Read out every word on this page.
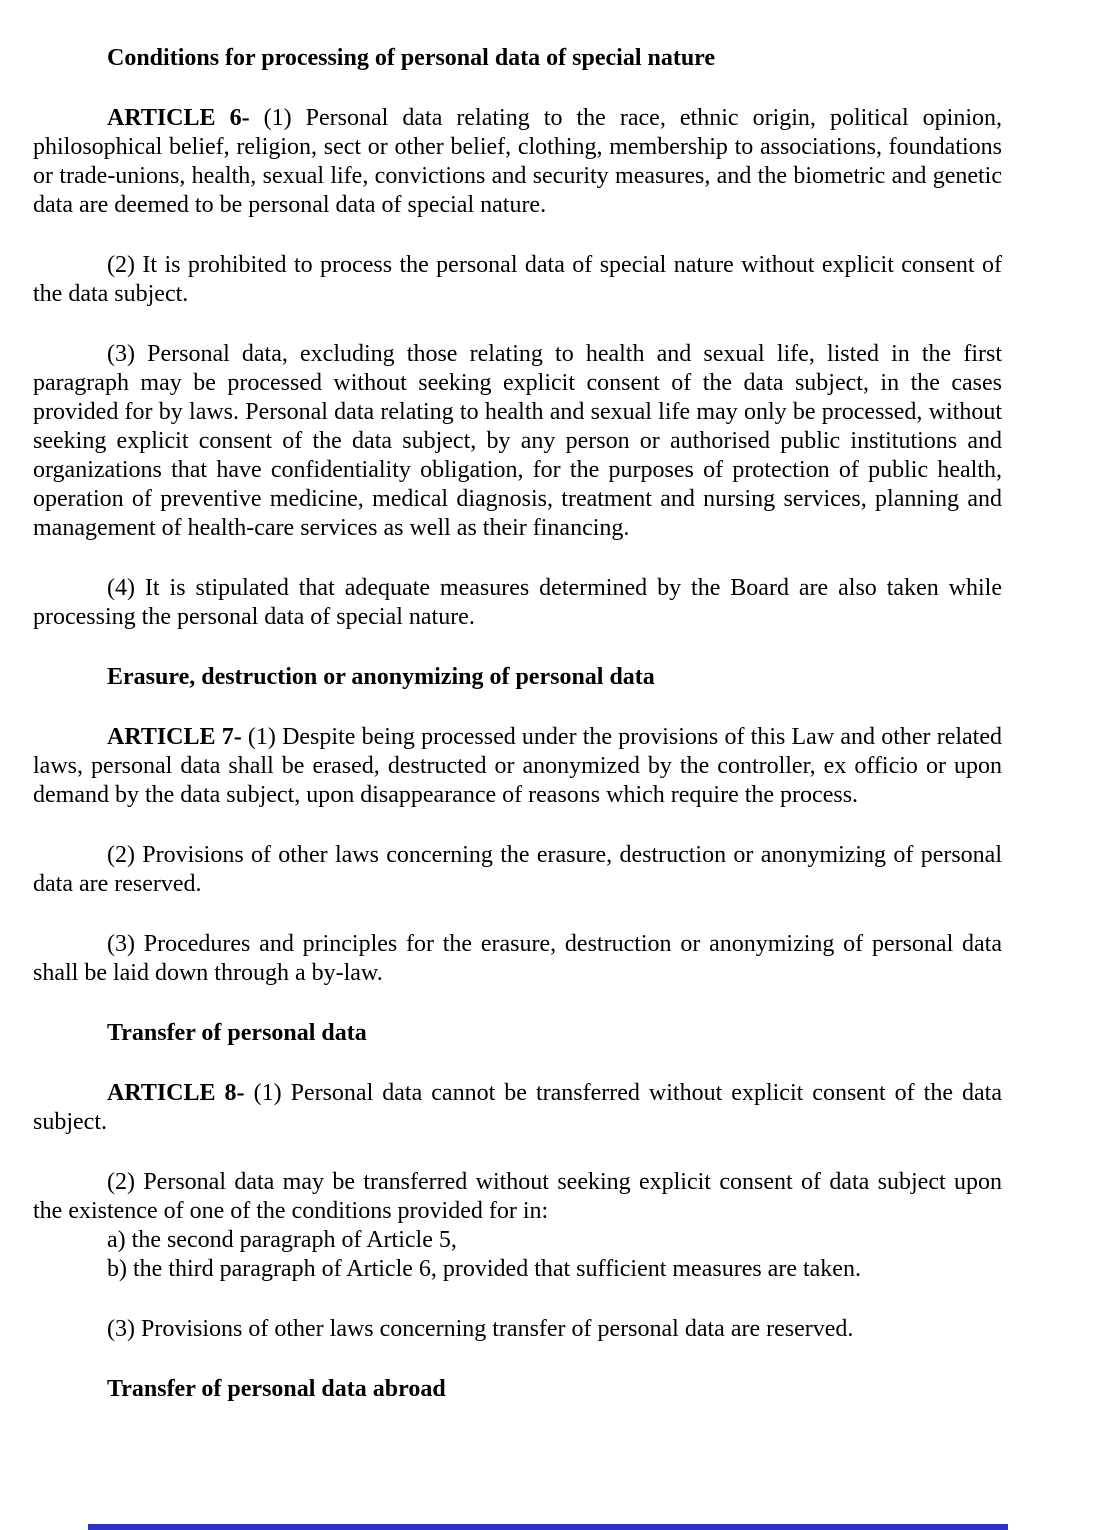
Conditions for processing of personal data of special nature

ARTICLE 6- (1) Personal data relating to the race, ethnic origin, political opinion, philosophical belief, religion, sect or other belief, clothing, membership to associations, foundations or trade-unions, health, sexual life, convictions and security measures, and the biometric and genetic data are deemed to be personal data of special nature.

(2) It is prohibited to process the personal data of special nature without explicit consent of the data subject.

(3) Personal data, excluding those relating to health and sexual life, listed in the first paragraph may be processed without seeking explicit consent of the data subject, in the cases provided for by laws. Personal data relating to health and sexual life may only be processed, without seeking explicit consent of the data subject, by any person or authorised public institutions and organizations that have confidentiality obligation, for the purposes of protection of public health, operation of preventive medicine, medical diagnosis, treatment and nursing services, planning and management of health-care services as well as their financing.

(4) It is stipulated that adequate measures determined by the Board are also taken while processing the personal data of special nature.

Erasure, destruction or anonymizing of personal data

ARTICLE 7- (1) Despite being processed under the provisions of this Law and other related laws, personal data shall be erased, destructed or anonymized by the controller, ex officio or upon demand by the data subject, upon disappearance of reasons which require the process.

(2) Provisions of other laws concerning the erasure, destruction or anonymizing of personal data are reserved.

(3) Procedures and principles for the erasure, destruction or anonymizing of personal data shall be laid down through a by-law.

Transfer of personal data

ARTICLE 8- (1) Personal data cannot be transferred without explicit consent of the data subject.

(2) Personal data may be transferred without seeking explicit consent of data subject upon the existence of one of the conditions provided for in:

a) the second paragraph of Article 5,
b) the third paragraph of Article 6, provided that sufficient measures are taken.

(3) Provisions of other laws concerning transfer of personal data are reserved.

Transfer of personal data abroad
